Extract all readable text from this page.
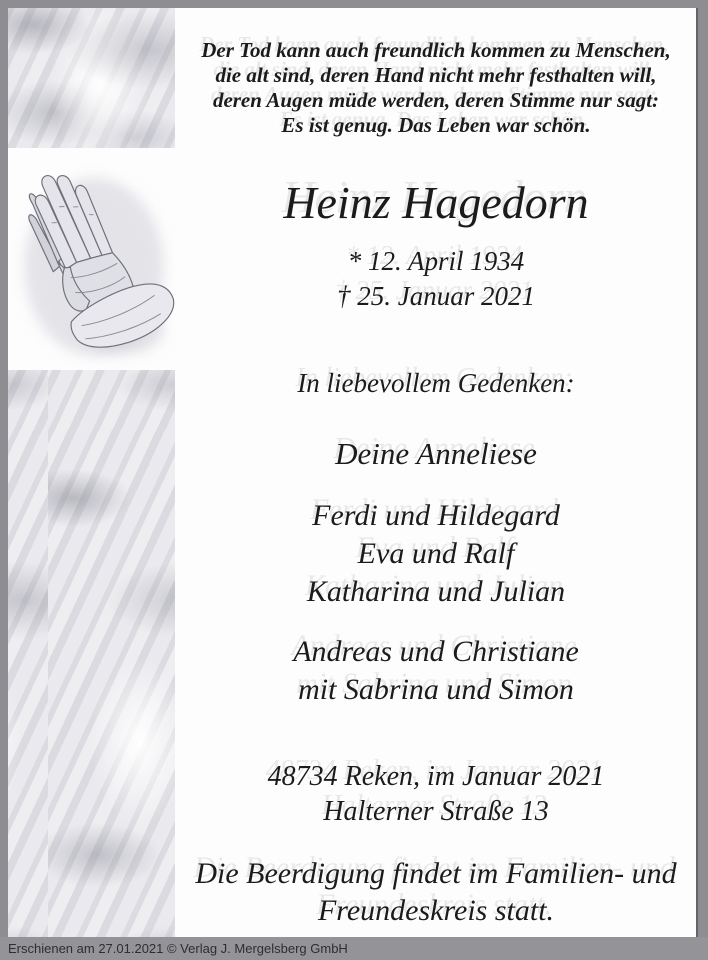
Der Tod kann auch freundlich kommen zu Menschen,
die alt sind, deren Hand nicht mehr festhalten will,
deren Augen müde werden, deren Stimme nur sagt:
Es ist genug. Das Leben war schön.
Heinz Hagedorn
* 12. April 1934
† 25. Januar 2021
In liebevollem Gedenken:
Deine Anneliese
Ferdi und Hildegard
Eva und Ralf
Katharina und Julian
Andreas und Christiane
mit Sabrina und Simon
48734 Reken, im Januar 2021
Halterner Straße 13
Die Beerdigung findet im Familien- und
Freundeskreis statt.
Erschienen am 27.01.2021 © Verlag J. Mergelsberg GmbH
